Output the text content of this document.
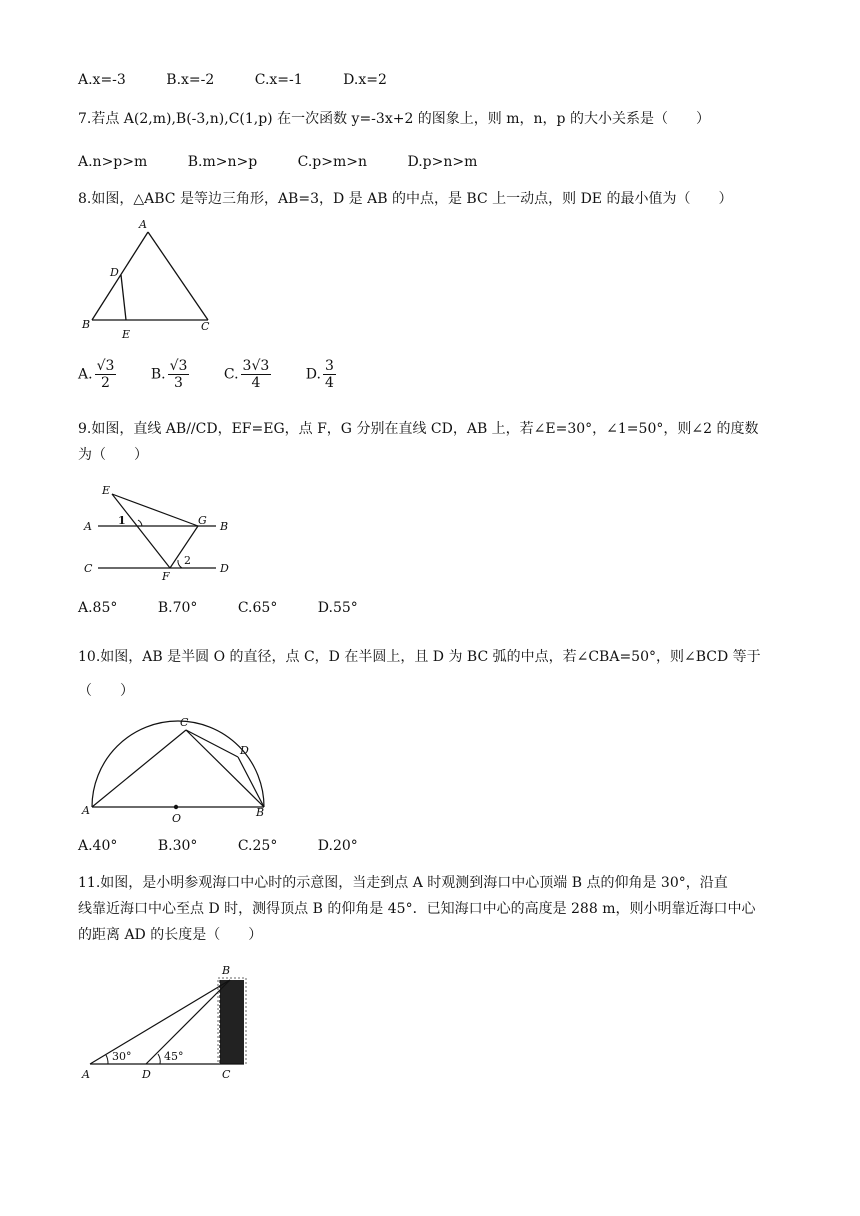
A.x=-3	B.x=-2	C.x=-1	D.x=2
7.若点 A(2,m),B(-3,n),C(1,p) 在一次函数 y=-3x+2 的图象上，则 m，n，p 的大小关系是（　　）
A.n>p>m	B.m>n>p	C.p>m>n	D.p>n>m
8.如图，△ABC 是等边三角形，AB=3，D 是 AB 的中点，是 BC 上一动点，则 DE 的最小值为（　　）
A
D
B
E
C
A. $\frac{√3}{2} B$. $\frac{√3}{3} C$. $\frac{3√3}{4} D$. $\frac{3}{4}$
9.如图，直线 AB//CD，EF=EG，点 F，G 分别在直线 CD，AB 上，若∠E=30°，∠1=50°，则∠2 的度数
为（　　）
E
A 1	G B
C
2
F
D
A.85°	B.70°	C.65°	D.55°
10.如图，AB 是半圆 O 的直径，点 C，D 在半圆上，且 D 为 BC 弧的中点，若∠CBA=50°，则∠BCD 等于
（　　）
C
D
A
O	B
A.40°	B.30°	C.25°	D.20°
11.如图，是小明参观海口中心时的示意图，当走到点 A 时观测到海口中心顶端 B 点的仰角是 30°，沿直
线靠近海口中心至点 D 时，测得顶点 B 的仰角是 45°．已知海口中心的高度是 288 m，则小明靠近海口中心
的距离 AD 的长度是（　　）
B
30°	45°
A	D	C
